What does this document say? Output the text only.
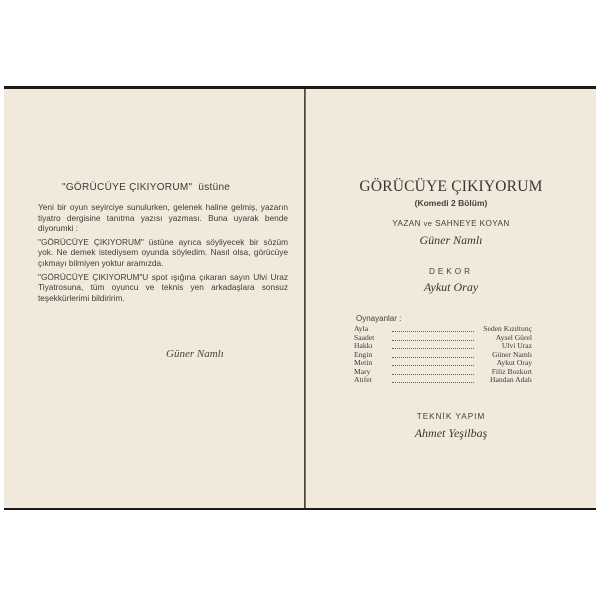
"GÖRÜCÜYE ÇIKIYORUM" üstüne

Yeni bir oyun seyirciye sunulurken, gelenek haline gelmiş, yazarın tiyatro dergisine tanıtma yazısı yazması. Buna uyarak bende diyorumki :

"GÖRÜCÜYE ÇIKIYORUM" üstüne ayrıca söyliyecek bir sözüm yok. Ne demek istediysem oyunda söyledim. Nasıl olsa, görücüye çıkmayı bilmiyen yoktur aramızda.

"GÖRÜCÜYE ÇIKIYORUM"U spot ışığına çıkaran sayın Ulvi Uraz Tiyatrosuna, tüm oyuncu ve teknis yen arkadaşlara sonsuz teşekkürlerimi bildiririm.

Güner Namlı
GÖRÜCÜYE ÇIKIYORUM
(Komedi 2 Bölüm)
YAZAN ve SAHNEYE KOYAN
Güner Namlı
DEKOR
Aykut Oray
Oynayanlar :
Ayla	Seden Kızıltunç
Saadet	Aysel Gürel
Hakkı	Ulvi Uraz
Engin	Güner Namlı
Metin	Aykut Oray
Mary	Filiz Bozkurt
Atıfet	Handan Adalı
TEKNİK YAPIM
Ahmet Yeşilbaş
